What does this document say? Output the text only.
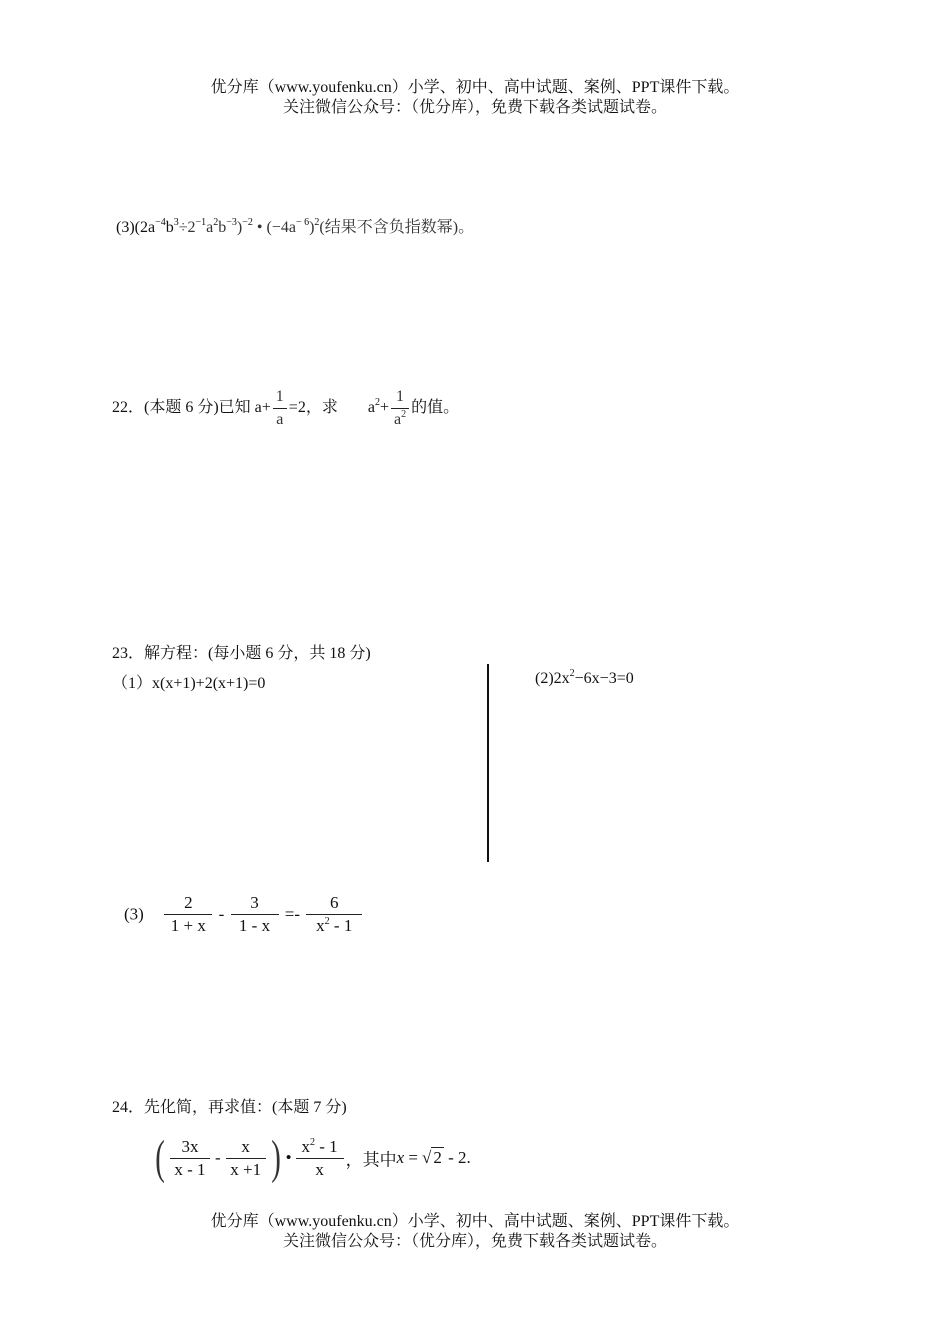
优分库（www.youfenku.cn）小学、初中、高中试题、案例、PPT课件下载。
关注微信公众号：（优分库），免费下载各类试题试卷。
$(3)(2a^{-4}b^3\div 2^{-1}a^2b^{-3})^{-2}$ • $(-4a^{- 6})^2$(结果不含负指数幂)。
22．(本题 6 分)已知 $a+ \frac{1}{a} =2$，求 $a^2+ \frac{1}{a^2}$ 的值。
23．解方程：(每小题 6 分，共 18 分)
（1）x(x+1)+2(x+1)=0	$(2)2x^2-6x-3=0$
$(3) \frac{2}{1 + x} - \frac{3}{1 - x} =- \frac{6}{x^2 - 1}$
24．先化简，再求值：(本题 7 分)
( $\frac{3x}{x - 1} - \frac{x}{x +1}$ ) • $\frac{x^2 - 1}{x}$ ，其中x = √ 2 - 2.
优分库（www.youfenku.cn）小学、初中、高中试题、案例、PPT课件下载。
关注微信公众号：（优分库），免费下载各类试题试卷。
